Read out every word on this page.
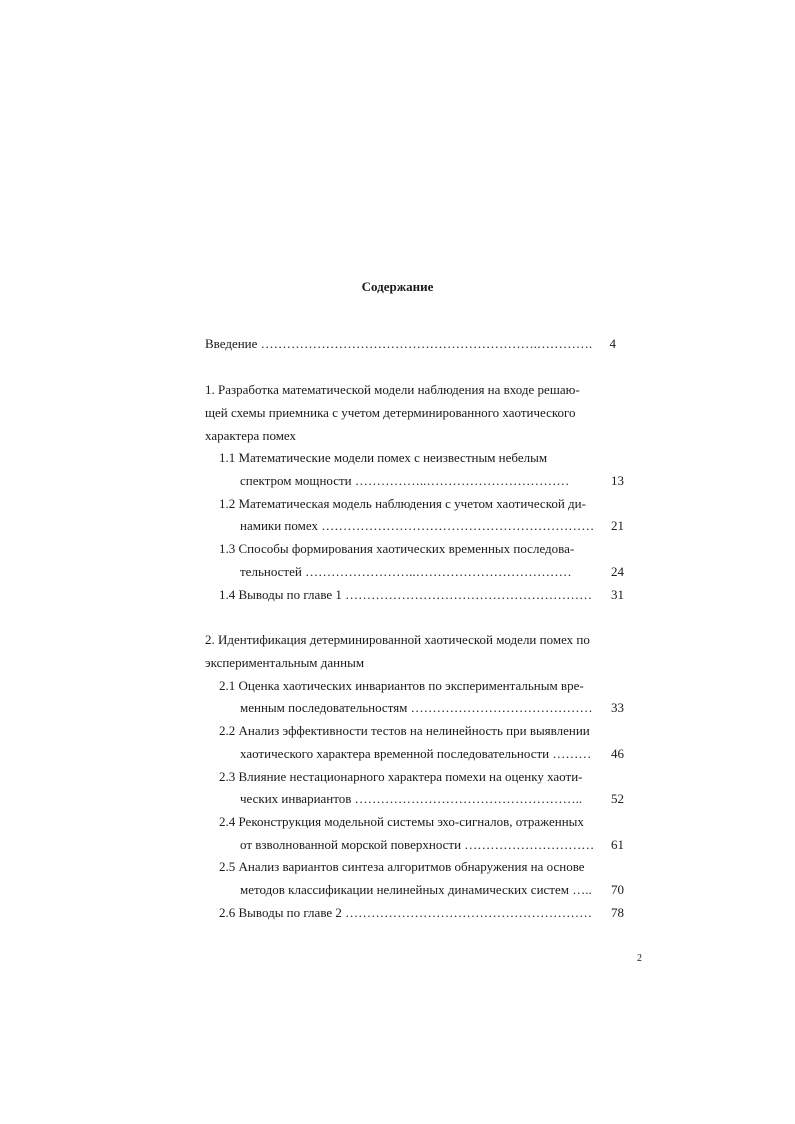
Содержание
Введение ……………………………………………………….………….	4
1. Разработка математической модели наблюдения на входе решаю-
щей схемы приемника с учетом детерминированного хаотического
характера помех
1.1 Математические модели помех с неизвестным небелым
спектром мощности ……………..……………………………	13
1.2 Математическая модель наблюдения с учетом хаотической ди-
намики помех ………………………………………………………	21
1.3 Способы формирования хаотических временных последова-
тельностей ……………………..………………………………	24
1.4 Выводы по главе 1 …………………………………………………	31
2. Идентификация детерминированной хаотической модели помех по
экспериментальным данным
2.1 Оценка хаотических инвариантов по экспериментальным вре-
менным последовательностям ……………………………………	33
2.2 Анализ эффективности тестов на нелинейность при выявлении
хаотического характера временной последовательности ………	46
2.3 Влияние нестационарного характера помехи на оценку хаоти-
ческих инвариантов ……………………………………………..	52
2.4 Реконструкция модельной системы эхо-сигналов, отраженных
от взволнованной морской поверхности …………………………	61
2.5 Анализ вариантов синтеза алгоритмов обнаружения на основе
методов классификации нелинейных динамических систем …..	70
2.6 Выводы по главе 2 …………………………………………………	78
2
